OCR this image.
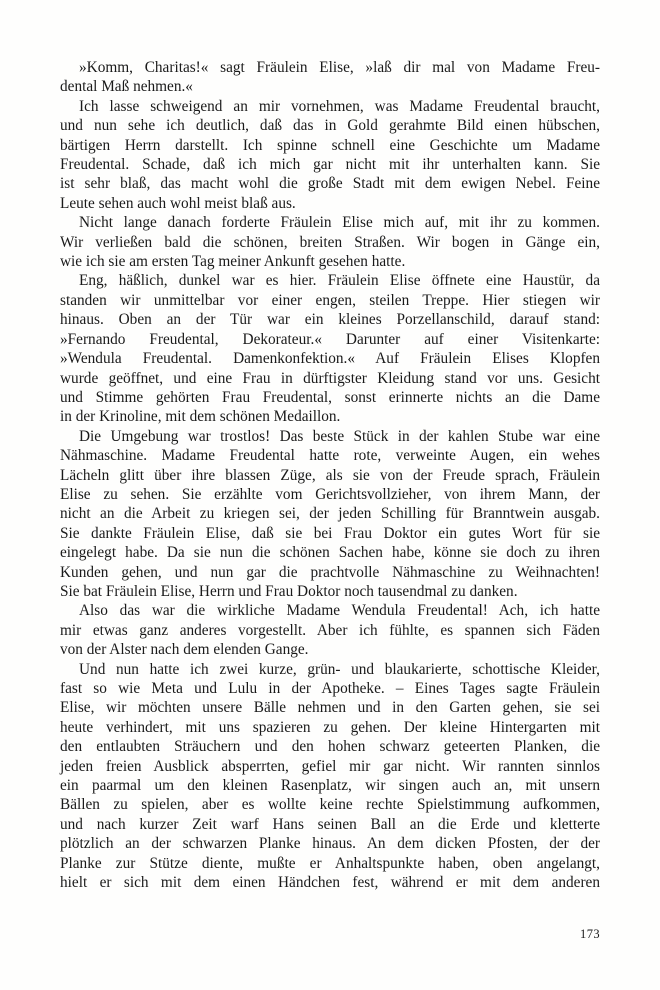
»Komm, Charitas!« sagt Fräulein Elise, »laß dir mal von Madame Freu-
dental Maß nehmen.«
Ich lasse schweigend an mir vornehmen, was Madame Freudental braucht,
und nun sehe ich deutlich, daß das in Gold gerahmte Bild einen hübschen,
bärtigen Herrn darstellt. Ich spinne schnell eine Geschichte um Madame
Freudental. Schade, daß ich mich gar nicht mit ihr unterhalten kann. Sie
ist sehr blaß, das macht wohl die große Stadt mit dem ewigen Nebel. Feine
Leute sehen auch wohl meist blaß aus.
Nicht lange danach forderte Fräulein Elise mich auf, mit ihr zu kommen.
Wir verließen bald die schönen, breiten Straßen. Wir bogen in Gänge ein,
wie ich sie am ersten Tag meiner Ankunft gesehen hatte.
Eng, häßlich, dunkel war es hier. Fräulein Elise öffnete eine Haustür, da
standen wir unmittelbar vor einer engen, steilen Treppe. Hier stiegen wir
hinaus. Oben an der Tür war ein kleines Porzellanschild, darauf stand:
»Fernando Freudental, Dekorateur.« Darunter auf einer Visitenkarte:
»Wendula Freudental. Damenkonfektion.« Auf Fräulein Elises Klopfen
wurde geöffnet, und eine Frau in dürftigster Kleidung stand vor uns. Gesicht
und Stimme gehörten Frau Freudental, sonst erinnerte nichts an die Dame
in der Krinoline, mit dem schönen Medaillon.
Die Umgebung war trostlos! Das beste Stück in der kahlen Stube war eine
Nähmaschine. Madame Freudental hatte rote, verweinte Augen, ein wehes
Lächeln glitt über ihre blassen Züge, als sie von der Freude sprach, Fräulein
Elise zu sehen. Sie erzählte vom Gerichtsvollzieher, von ihrem Mann, der
nicht an die Arbeit zu kriegen sei, der jeden Schilling für Branntwein ausgab.
Sie dankte Fräulein Elise, daß sie bei Frau Doktor ein gutes Wort für sie
eingelegt habe. Da sie nun die schönen Sachen habe, könne sie doch zu ihren
Kunden gehen, und nun gar die prachtvolle Nähmaschine zu Weihnachten!
Sie bat Fräulein Elise, Herrn und Frau Doktor noch tausendmal zu danken.
Also das war die wirkliche Madame Wendula Freudental! Ach, ich hatte
mir etwas ganz anderes vorgestellt. Aber ich fühlte, es spannen sich Fäden
von der Alster nach dem elenden Gange.
Und nun hatte ich zwei kurze, grün- und blaukarierte, schottische Kleider,
fast so wie Meta und Lulu in der Apotheke. – Eines Tages sagte Fräulein
Elise, wir möchten unsere Bälle nehmen und in den Garten gehen, sie sei
heute verhindert, mit uns spazieren zu gehen. Der kleine Hintergarten mit
den entlaubten Sträuchern und den hohen schwarz geteerten Planken, die
jeden freien Ausblick absperrten, gefiel mir gar nicht. Wir rannten sinnlos
ein paarmal um den kleinen Rasenplatz, wir singen auch an, mit unsern
Bällen zu spielen, aber es wollte keine rechte Spielstimmung aufkommen,
und nach kurzer Zeit warf Hans seinen Ball an die Erde und kletterte
plötzlich an der schwarzen Planke hinaus. An dem dicken Pfosten, der der
Planke zur Stütze diente, mußte er Anhaltspunkte haben, oben angelangt,
hielt er sich mit dem einen Händchen fest, während er mit dem anderen
173
